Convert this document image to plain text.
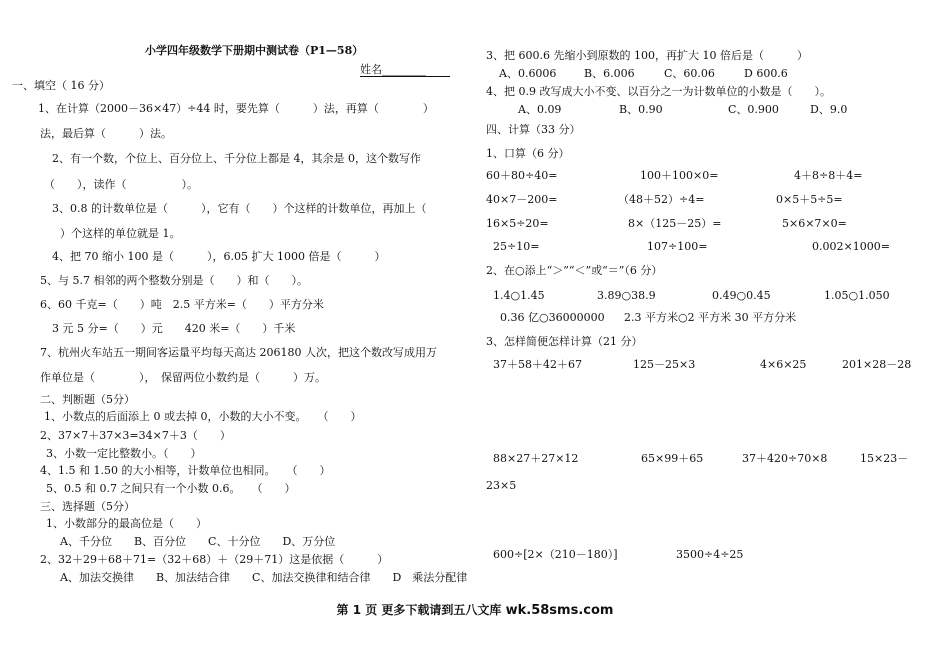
小学四年级数学下册期中测试卷（P1—58）
姓名________
一、填空（ 16 分）
1、在计算（2000－36×47）÷44 时，要先算（　　　）法，再算（　　　　）
法，最后算（　　　）法。
2、有一个数，个位上、百分位上、千分位上都是 4，其余是 0，这个数写作
（　　），读作（　　　　　）。
3、0.8 的计数单位是（　　　），它有（　　）个这样的计数单位，再加上（
）个这样的单位就是 1。
4、把 70 缩小 100 是（　　　），6.05 扩大 1000 倍是（　　　）
5、与 5.7 相邻的两个整数分别是（　　）和（　　）。
6、60 千克=（　　）吨　2.5 平方米=（　　）平方分米
3 元 5 分=（　　）元　　420 米=（　　）千米
7、杭州火车站五一期间客运量平均每天高达 206180 人次，把这个数改写成用万
作单位是（　　　　），　保留两位小数约是（　　　）万。
二、判断题（5分）
1、小数点的后面添上 0 或去掉 0，小数的大小不变。　　（　　）
2、37×7＋37×3=34×7＋3（　　）
3、小数一定比整数小。（　　）
4、1.5 和 1.50 的大小相等，计数单位也相同。　　（　　）
5、0.5 和 0.7 之间只有一个小数 0.6。　　（　　）
三、选择题（5分）
1、小数部分的最高位是（　　）
A、千分位　　B、百分位　　C、十分位　　D、万分位
2、32＋29＋68＋71=（32＋68）＋（29＋71）这是依据（　　　）
A、加法交换律　　B、加法结合律　　C、加法交换律和结合律　　D　乘法分配律
3、把 600.6 先缩小到原数的 100，再扩大 10 倍后是（　　　）
A、0.6006	B、6.006	C、60.06	D 600.6
4、把 0.9 改写成大小不变、以百分之一为计数单位的小数是（　　）。
A、0.09	B、0.90	C、0.900	D、9.0
四、计算（33 分）
1、口算（6 分）
60＋80÷40=	100＋100×0=	4＋8÷8＋4=
40×7－200=	（48＋52）÷4=	0×5＋5÷5=
16×5÷20=	8×（125－25）=	5×6×7×0=
25÷10=	107÷100=	0.002×1000=
2、在○添上“＞”“＜”或“＝”（6 分）
1.4○1.45	3.89○38.9	0.49○0.45	1.05○1.050
0.36 亿○36000000 2.3 平方米○2 平方米 30 平方分米
3、怎样简便怎样计算（21 分）
37＋58＋42＋67	125－25×3	4×6×25	201×28－28
88×27＋27×12	65×99＋65	37＋420÷70×8	15×23－
23×5
600÷[2×（210－180）]	3500÷4÷25
第 1 页 更多下载请到五八文库 wk.58sms.com
